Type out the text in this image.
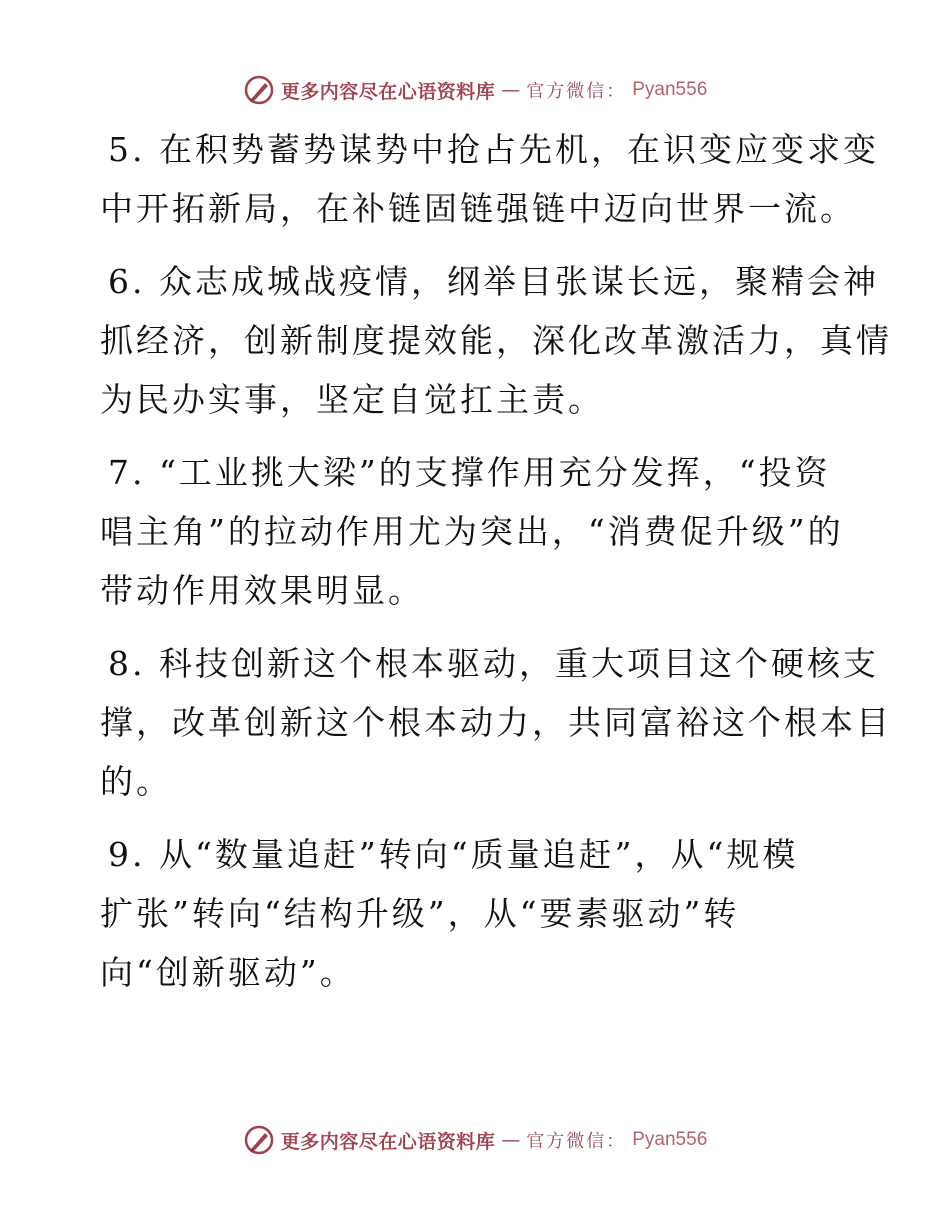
更多内容尽在心语资料库 — 官方微信： Pyan556

5. 在积势蓄势谋势中抢占先机，在识变应变求变
中开拓新局，在补链固链强链中迈向世界一流。

6. 众志成城战疫情，纲举目张谋长远，聚精会神
抓经济，创新制度提效能，深化改革激活力，真情
为民办实事，坚定自觉扛主责。

7. “工业挑大梁”的支撑作用充分发挥，“投资
唱主角”的拉动作用尤为突出，“消费促升级”的
带动作用效果明显。

8. 科技创新这个根本驱动，重大项目这个硬核支
撑，改革创新这个根本动力，共同富裕这个根本目
的。

9. 从“数量追赶”转向“质量追赶”，从“规模
扩张”转向“结构升级”，从“要素驱动”转
向“创新驱动”。

更多内容尽在心语资料库 — 官方微信： Pyan556
